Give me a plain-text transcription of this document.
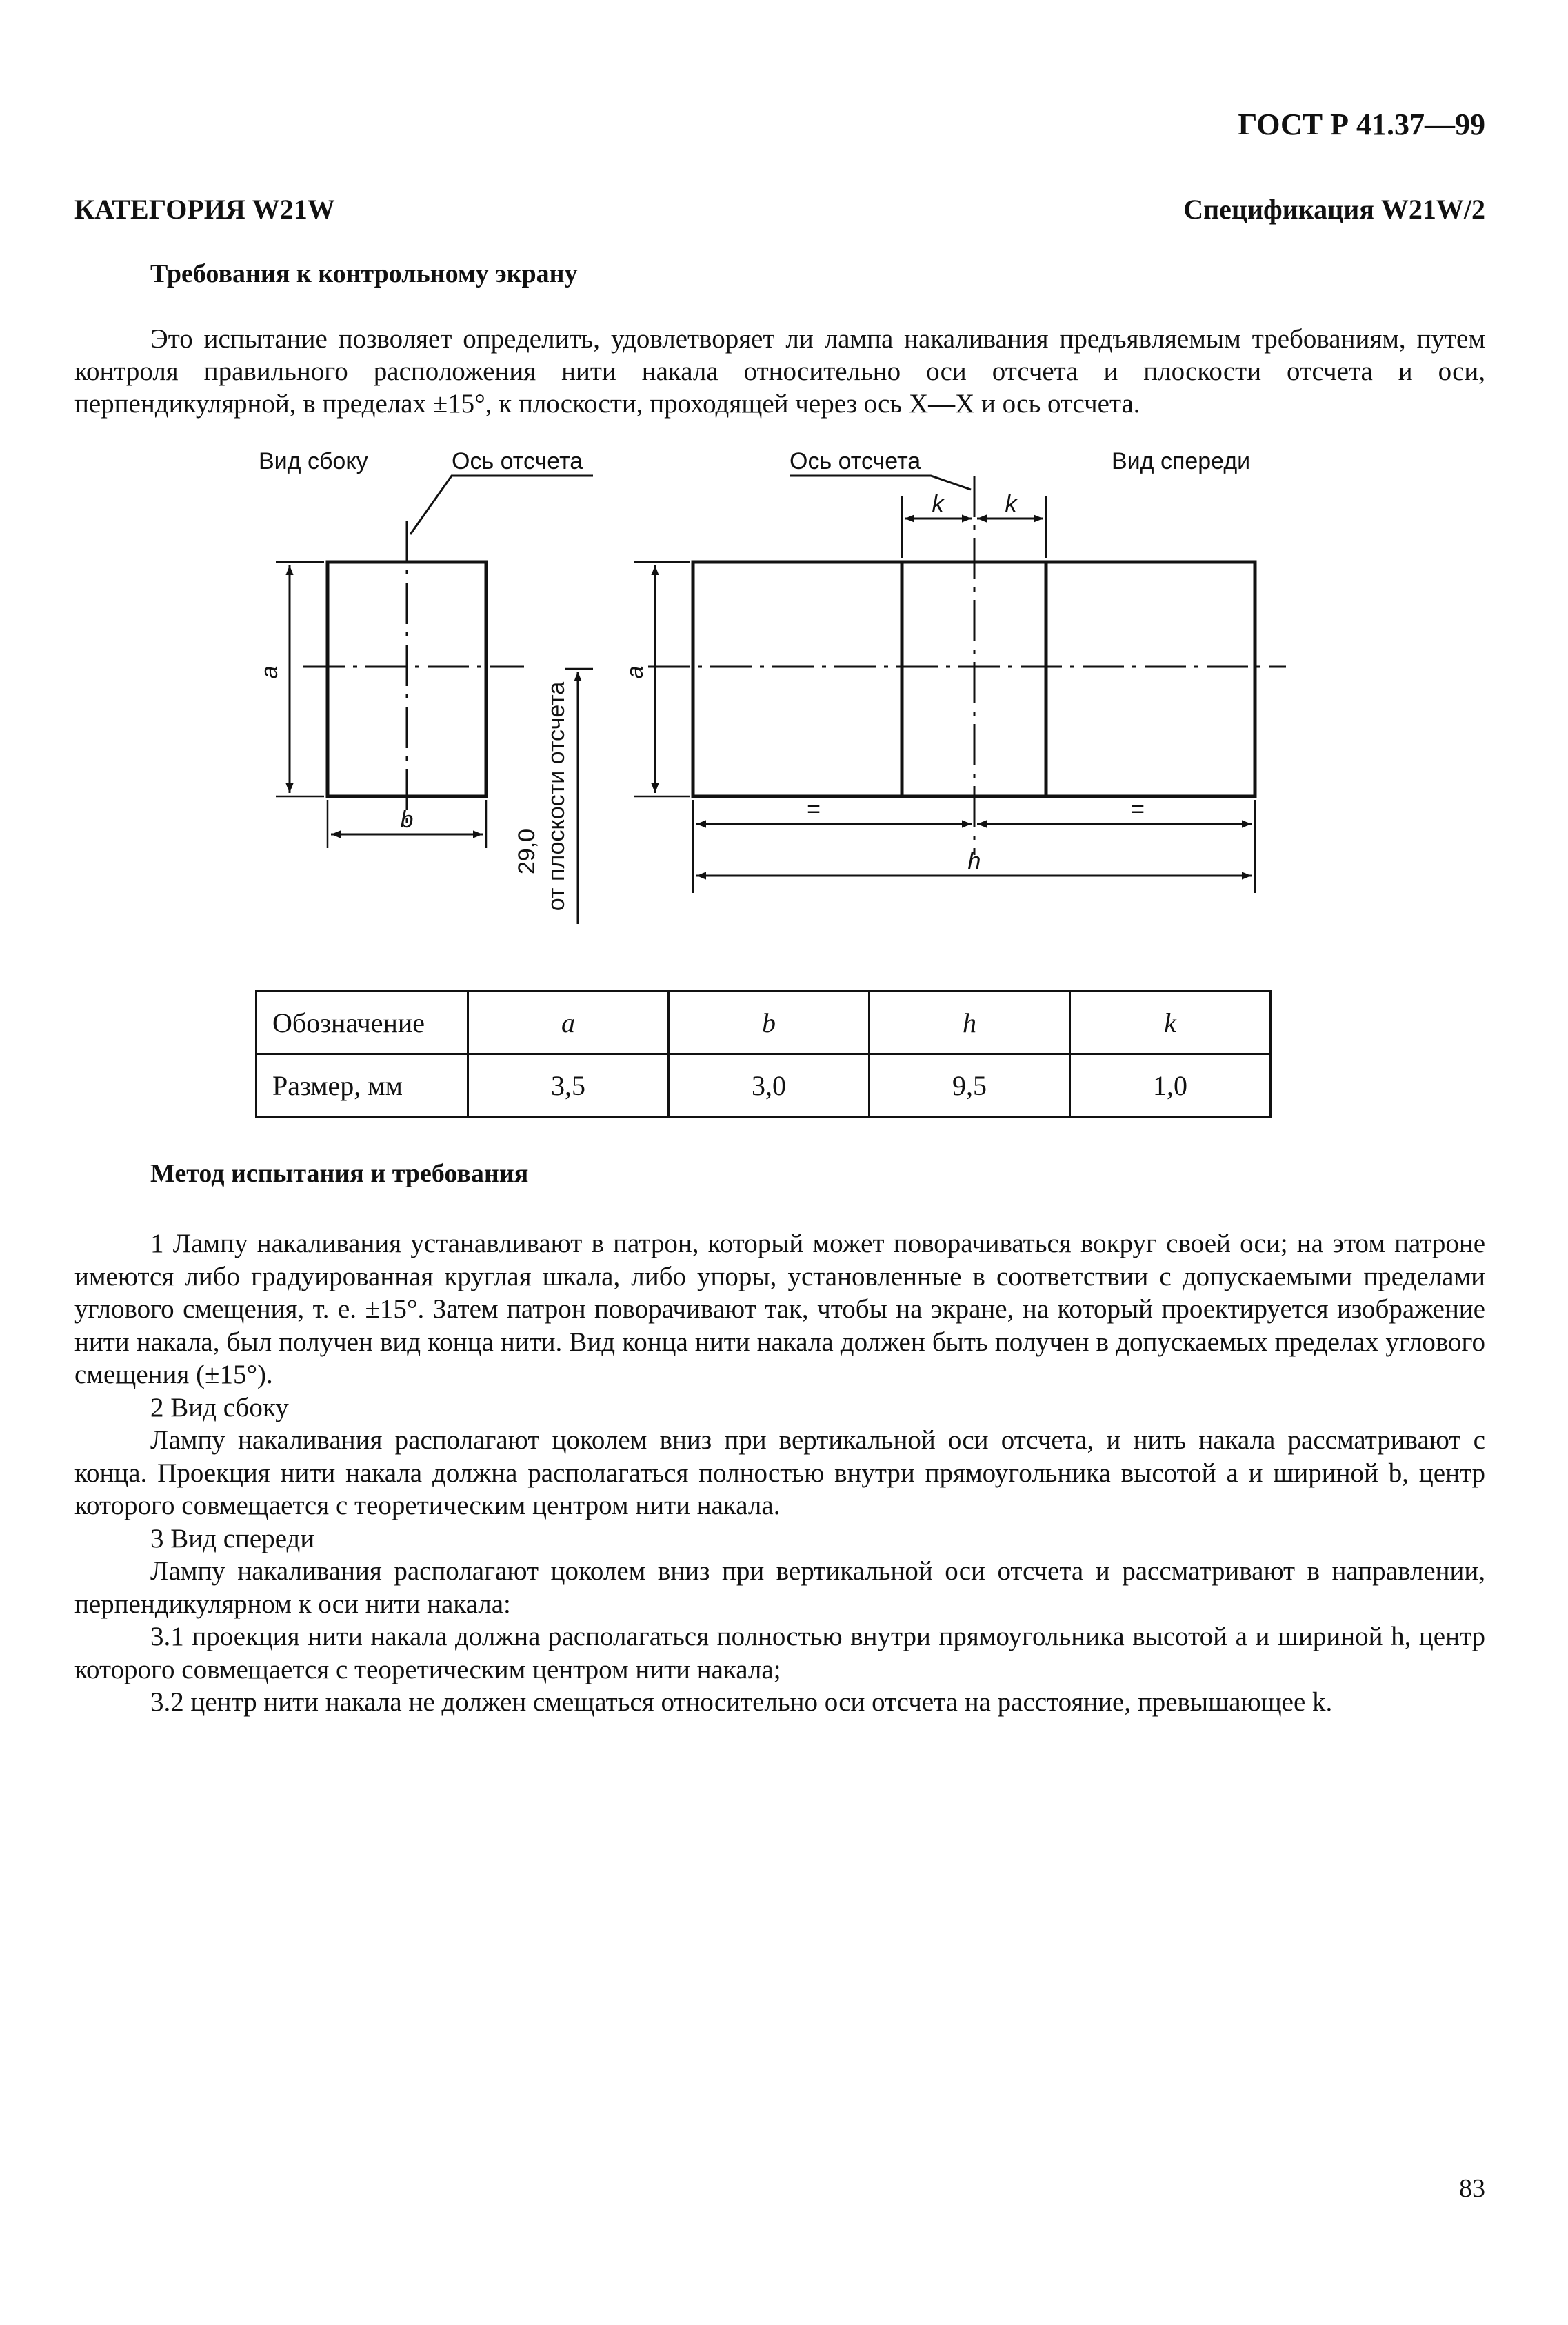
ГОСТ Р 41.37—99
КАТЕГОРИЯ W21W	Спецификация W21W/2
Требования к контрольному экрану

Это испытание позволяет определить, удовлетворяет ли лампа накаливания предъявляемым требованиям, путем контроля правильного расположения нити накала относительно оси отсчета и плоскости отсчета и оси, перпендикулярной, в пределах ±15°, к плоскости, проходящей через ось X—X и ось отсчета.

Вид сбоку	Ось отсчета	Ось отсчета	Вид спереди
a	a
b
k	k
=	=
h
29,0 от плоскости отсчета
Обозначение	a	b	h	k
Размер, мм	3,5	3,0	9,5	1,0
Метод испытания и требования

1 Лампу накаливания устанавливают в патрон, который может поворачиваться вокруг своей оси; на этом патроне имеются либо градуированная круглая шкала, либо упоры, установленные в соответствии с допускаемыми пределами углового смещения, т. е. ±15°. Затем патрон поворачивают так, чтобы на экране, на который проектируется изображение нити накала, был получен вид конца нити. Вид конца нити накала должен быть получен в допускаемых пределах углового смещения (±15°).

2 Вид сбоку

Лампу накаливания располагают цоколем вниз при вертикальной оси отсчета, и нить накала рассматривают с конца. Проекция нити накала должна располагаться полностью внутри прямоугольника высотой a и шириной b, центр которого совмещается с теоретическим центром нити накала.

3 Вид спереди

Лампу накаливания располагают цоколем вниз при вертикальной оси отсчета и рассматривают в направлении, перпендикулярном к оси нити накала:

3.1 проекция нити накала должна располагаться полностью внутри прямоугольника высотой a и шириной h, центр которого совмещается с теоретическим центром нити накала;

3.2 центр нити накала не должен смещаться относительно оси отсчета на расстояние, превышающее k.

83
